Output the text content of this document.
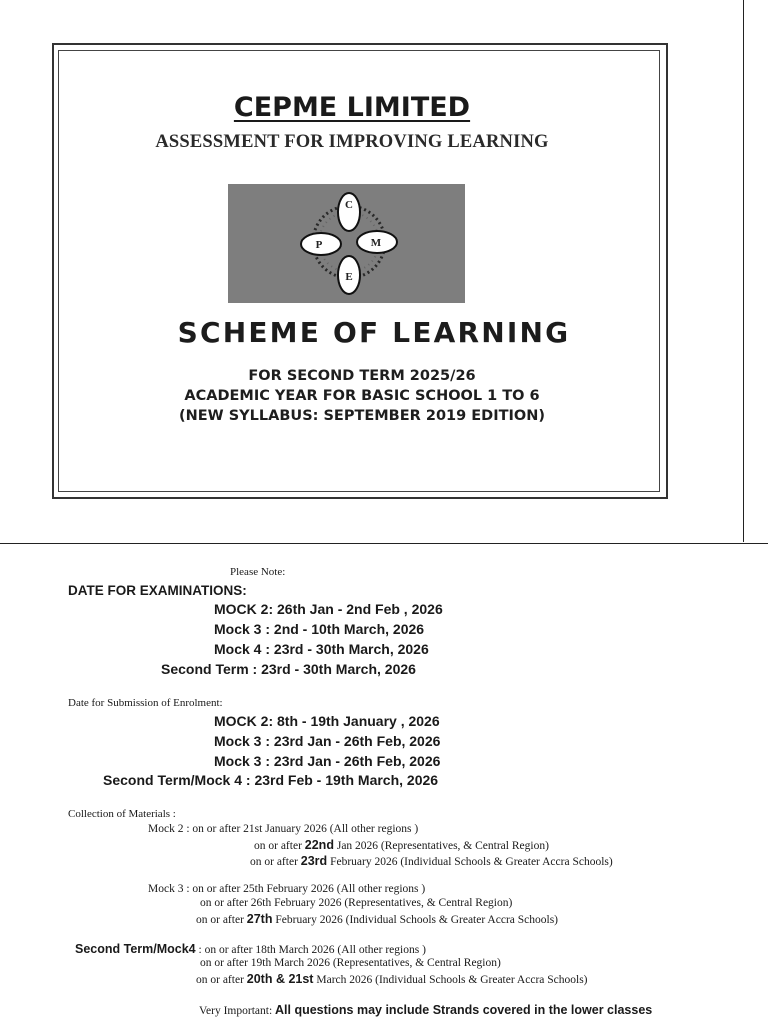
CEPME LIMITED
ASSESSMENT FOR IMPROVING LEARNING
C
P	M
E
SCHEME OF LEARNING
FOR SECOND TERM 2025/26
ACADEMIC YEAR FOR BASIC SCHOOL 1 TO 6
(NEW SYLLABUS: SEPTEMBER 2019 EDITION)
Please Note:
DATE FOR EXAMINATIONS:
MOCK 2: 26th Jan - 2nd Feb , 2026
Mock 3 : 2nd - 10th March, 2026
Mock 4 : 23rd - 30th March, 2026
Second Term : 23rd - 30th March, 2026
Date for Submission of Enrolment:
MOCK 2: 8th - 19th January , 2026
Mock 3 : 23rd Jan - 26th Feb, 2026
Mock 3 : 23rd Jan - 26th Feb, 2026
Second Term/Mock 4 : 23rd Feb - 19th March, 2026
Collection of Materials :
Mock 2 : on or after 21st January 2026 (All other regions )
on or after 22nd Jan 2026 (Representatives, & Central Region)
on or after 23rd February 2026 (Individual Schools & Greater Accra Schools)
Mock 3 : on or after 25th February 2026 (All other regions )
on or after 26th February 2026 (Representatives, & Central Region)
on or after 27th February 2026 (Individual Schools & Greater Accra Schools)
Second Term/Mock4 : on or after 18th March 2026 (All other regions )
on or after 19th March 2026 (Representatives, & Central Region)
on or after 20th & 21st March 2026 (Individual Schools & Greater Accra Schools)
Very Important: All questions may include Strands covered in the lower classes
